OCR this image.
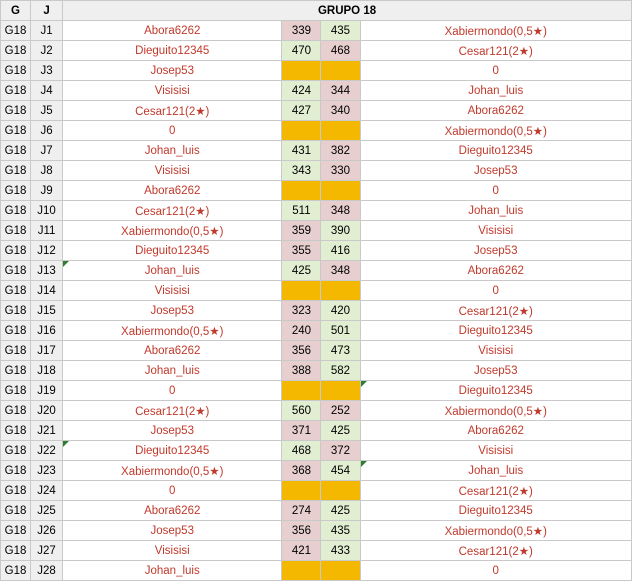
G	J	GRUPO 18			
G18	J1	Abora6262	339	435	Xabiermondo(0,5★)
G18	J2	Dieguito12345	470	468	Cesar121(2★)
G18	J3	Josep53			0
G18	J4	Visisisi	424	344	Johan_luis
G18	J5	Cesar121(2★)	427	340	Abora6262
G18	J6	0			Xabiermondo(0,5★)
G18	J7	Johan_luis	431	382	Dieguito12345
G18	J8	Visisisi	343	330	Josep53
G18	J9	Abora6262			0
G18	J10	Cesar121(2★)	511	348	Johan_luis
G18	J11	Xabiermondo(0,5★)	359	390	Visisisi
G18	J12	Dieguito12345	355	416	Josep53
G18	J13	Johan_luis	425	348	Abora6262
G18	J14	Visisisi			0
G18	J15	Josep53	323	420	Cesar121(2★)
G18	J16	Xabiermondo(0,5★)	240	501	Dieguito12345
G18	J17	Abora6262	356	473	Visisisi
G18	J18	Johan_luis	388	582	Josep53
G18	J19	0			Dieguito12345
G18	J20	Cesar121(2★)	560	252	Xabiermondo(0,5★)
G18	J21	Josep53	371	425	Abora6262
G18	J22	Dieguito12345	468	372	Visisisi
G18	J23	Xabiermondo(0,5★)	368	454	Johan_luis
G18	J24	0			Cesar121(2★)
G18	J25	Abora6262	274	425	Dieguito12345
G18	J26	Josep53	356	435	Xabiermondo(0,5★)
G18	J27	Visisisi	421	433	Cesar121(2★)
G18	J28	Johan_luis			0
